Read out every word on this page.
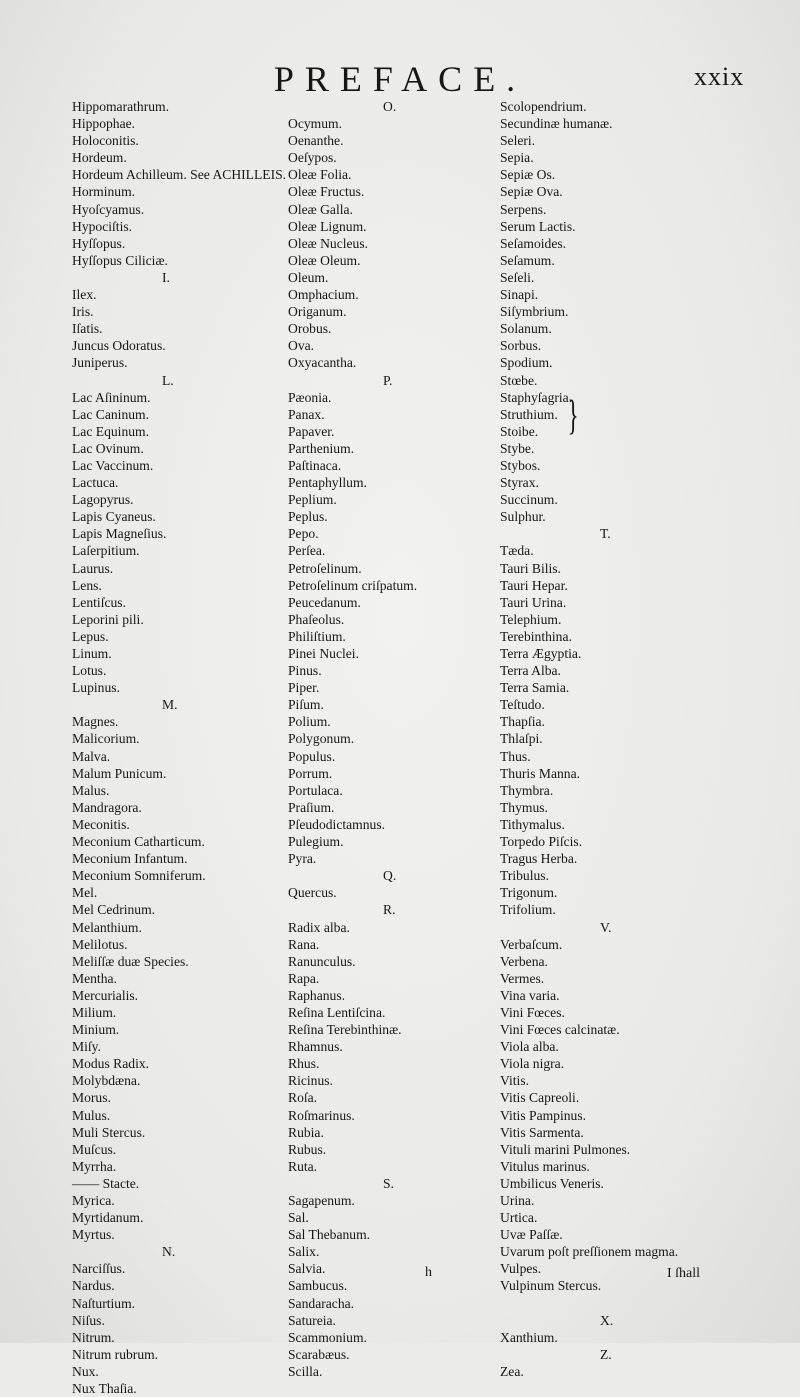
PREFACE.	xxix
Hippomarathrum.
Hippophae.
Holoconitis.
Hordeum.
Hordeum Achilleum. See ACHILLEIS.
Horminum.
Hyoſcyamus.
Hypociſtis.
Hyſſopus.
Hyſſopus Ciliciæ.
I.
Ilex.
Iris.
Iſatis.
Juncus Odoratus.
Juniperus.
L.
Lac Aſininum.
Lac Caninum.
Lac Equinum.
Lac Ovinum.
Lac Vaccinum.
Lactuca.
Lagopyrus.
Lapis Cyaneus.
Lapis Magneſius.
Laſerpitium.
Laurus.
Lens.
Lentiſcus.
Leporini pili.
Lepus.
Linum.
Lotus.
Lupinus.
M.
Magnes.
Malicorium.
Malva.
Malum Punicum.
Malus.
Mandragora.
Meconitis.
Meconium Catharticum.
Meconium Infantum.
Meconium Somniferum.
Mel.
Mel Cedrinum.
Melanthium.
Melilotus.
Meliſſæ duæ Species.
Mentha.
Mercurialis.
Milium.
Minium.
Miſy.
Modus Radix.
Molybdæna.
Morus.
Mulus.
Muli Stercus.
Muſcus.
Myrrha.
—— Stacte.
Myrica.
Myrtidanum.
Myrtus.
N.
Narciſſus.
Nardus.
Naſturtium.
Niſus.
Nitrum.
Nitrum rubrum.
Nux.
Nux Thaſia.
O.
Ocymum.
Oenanthe.
Oeſypos.
Oleæ Folia.
Oleæ Fructus.
Oleæ Galla.
Oleæ Lignum.
Oleæ Nucleus.
Oleæ Oleum.
Oleum.
Omphacium.
Origanum.
Orobus.
Ova.
Oxyacantha.
P.
Pæonia.
Panax.
Papaver.
Parthenium.
Paſtinaca.
Pentaphyllum.
Peplium.
Peplus.
Pepo.
Perſea.
Petroſelinum.
Petroſelinum criſpatum.
Peucedanum.
Phaſeolus.
Philiſtium.
Pinei Nuclei.
Pinus.
Piper.
Piſum.
Polium.
Polygonum.
Populus.
Porrum.
Portulaca.
Praſium.
Pſeudodictamnus.
Pulegium.
Pyra.
Q.
Quercus.
R.
Radix alba.
Rana.
Ranunculus.
Rapa.
Raphanus.
Reſina Lentiſcina.
Reſina Terebinthinæ.
Rhamnus.
Rhus.
Ricinus.
Roſa.
Roſmarinus.
Rubia.
Rubus.
Ruta.
S.
Sagapenum.
Sal.
Sal Thebanum.
Salix.
Salvia.
Sambucus.
Sandaracha.
Satureia.
Scammonium.
Scarabæus.
Scilla.
Scolopendrium.
Secundinæ humanæ.
Seleri.
Sepia.
Sepiæ Os.
Sepiæ Ova.
Serpens.
Serum Lactis.
Seſamoides.
Seſamum.
Seſeli.
Sinapi.
Siſymbrium.
Solanum.
Sorbus.
Spodium.
Stœbe.
Staphyſagria.
Struthium.
Stoibe.
Stybe.
Stybos.
Styrax.
Succinum.
Sulphur.
T.
Tæda.
Tauri Bilis.
Tauri Hepar.
Tauri Urina.
Telephium.
Terebinthina.
Terra Ægyptia.
Terra Alba.
Terra Samia.
Teſtudo.
Thapſia.
Thlaſpi.
Thus.
Thuris Manna.
Thymbra.
Thymus.
Tithymalus.
Torpedo Piſcis.
Tragus Herba.
Tribulus.
Trigonum.
Trifolium.
V.
Verbaſcum.
Verbena.
Vermes.
Vina varia.
Vini Fœces.
Vini Fœces calcinatæ.
Viola alba.
Viola nigra.
Vitis.
Vitis Capreoli.
Vitis Pampinus.
Vitis Sarmenta.
Vituli marini Pulmones.
Vitulus marinus.
Umbilicus Veneris.
Urina.
Urtica.
Uvæ Paſſæ.
Uvarum poſt preſſionem magma.
Vulpes.
Vulpinum Stercus.
X.
Xanthium.
Z.
Zea.
}
h	I ſhall
